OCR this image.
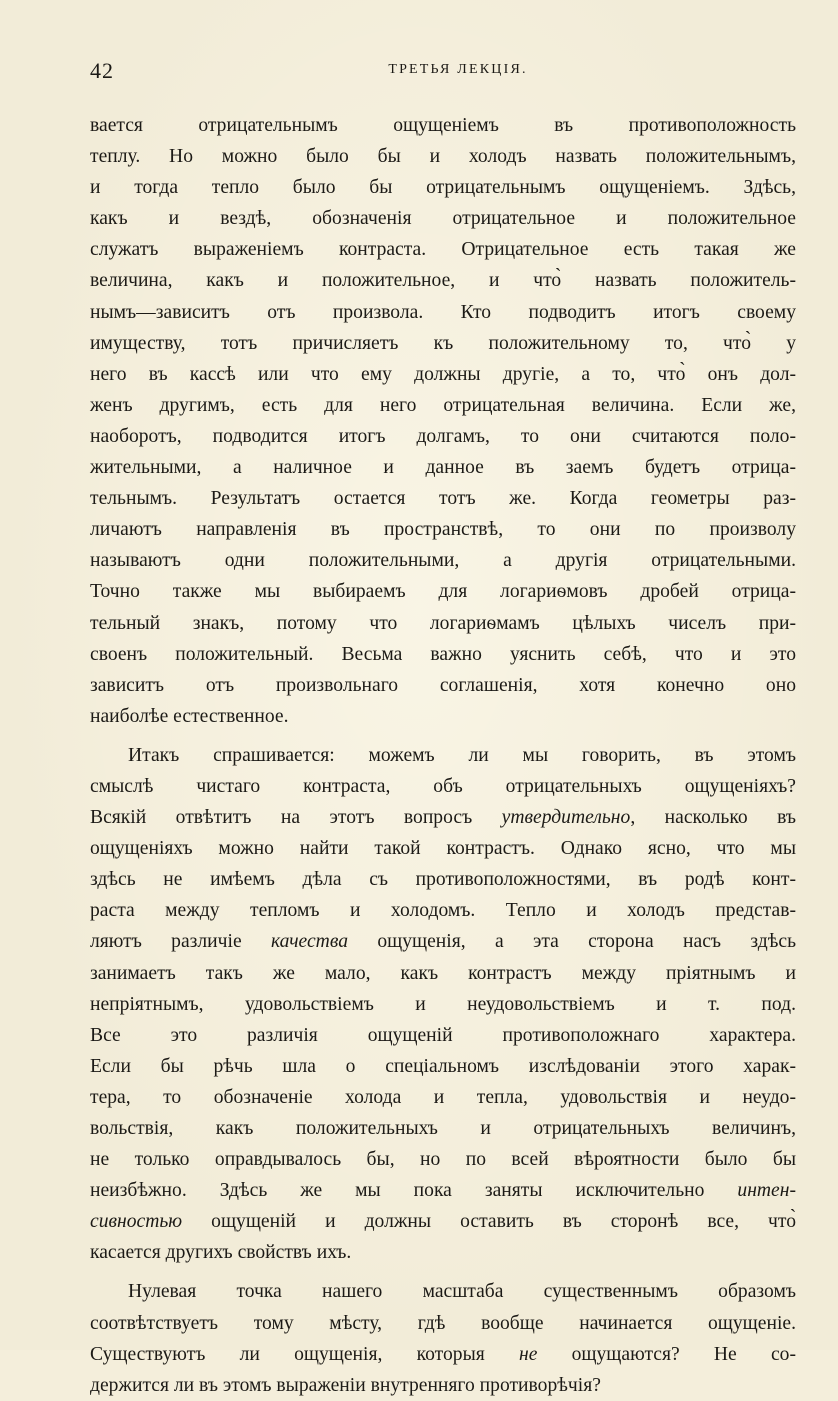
42	ТРЕТЬЯ ЛЕКЦІЯ.
вается отрицательнымъ ощущеніемъ въ противоположность
теплу. Но можно было бы и холодъ назвать положительнымъ,
и тогда тепло было бы отрицательнымъ ощущеніемъ. Здѣсь,
какъ и вездѣ, обозначенія отрицательное и положительное
служатъ выраженіемъ контраста. Отрицательное есть такая же
величина, какъ и положительное, и что̀ назвать положитель-
нымъ—зависитъ отъ произвола. Кто подводитъ итогъ своему
имуществу, тотъ причисляетъ къ положительному то, что̀ у
него въ кассѣ или что ему должны другіе, а то, что̀ онъ дол-
женъ другимъ, есть для него отрицательная величина. Если же,
наоборотъ, подводится итогъ долгамъ, то они считаются поло-
жительными, а наличное и данное въ заемъ будетъ отрица-
тельнымъ. Результатъ остается тотъ же. Когда геометры раз-
личаютъ направленія въ пространствѣ, то они по произволу
называютъ одни положительными, а другія отрицательными.
Точно также мы выбираемъ для логариѳмовъ дробей отрица-
тельный знакъ, потому что логариѳмамъ цѣлыхъ чиселъ при-
своенъ положительный. Весьма важно уяснить себѣ, что и это
зависитъ отъ произвольнаго соглашенія, хотя конечно оно
наиболѣе естественное.
Итакъ спрашивается: можемъ ли мы говорить, въ этомъ
смыслѣ чистаго контраста, объ отрицательныхъ ощущеніяхъ?
Всякій отвѣтитъ на этотъ вопросъ утвердительно, насколько въ
ощущеніяхъ можно найти такой контрастъ. Однако ясно, что мы
здѣсь не имѣемъ дѣла съ противоположностями, въ родѣ конт-
раста между тепломъ и холодомъ. Тепло и холодъ представ-
ляютъ различіе качества ощущенія, а эта сторона насъ здѣсь
занимаетъ такъ же мало, какъ контрастъ между пріятнымъ и
непріятнымъ, удовольствіемъ и неудовольствіемъ и т. под.
Все это различія ощущеній противоположнаго характера.
Если бы рѣчь шла о спеціальномъ изслѣдованіи этого харак-
тера, то обозначеніе холода и тепла, удовольствія и неудо-
вольствія, какъ положительныхъ и отрицательныхъ величинъ,
не только оправдывалось бы, но по всей вѣроятности было бы
неизбѣжно. Здѣсь же мы пока заняты исключительно интен-
сивностью ощущеній и должны оставить въ сторонѣ все, что̀
касается другихъ свойствъ ихъ.
Нулевая точка нашего масштаба существеннымъ образомъ
соотвѣтствуетъ тому мѣсту, гдѣ вообще начинается ощущеніе.
Существуютъ ли ощущенія, которыя не ощущаются? Не со-
держится ли въ этомъ выраженіи внутренняго противорѣчія?
